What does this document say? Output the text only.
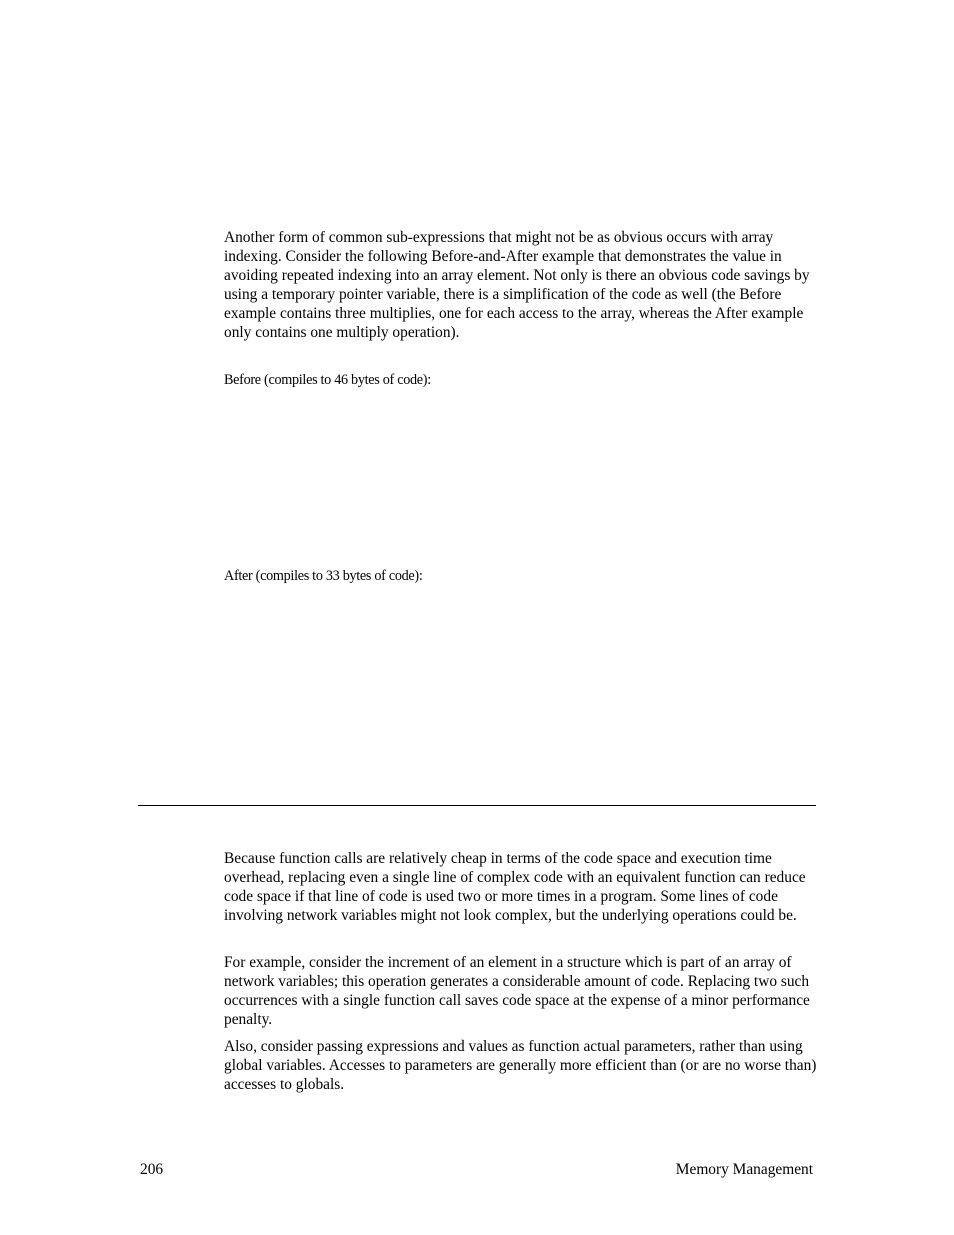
Another form of common sub-expressions that might not be as obvious occurs with array indexing. Consider the following Before-and-After example that demonstrates the value in avoiding repeated indexing into an array element. Not only is there an obvious code savings by using a temporary pointer variable, there is a simplification of the code as well (the Before example contains three multiplies, one for each access to the array, whereas the After example only contains one multiply operation).

Before (compiles to 46 bytes of code):

After (compiles to 33 bytes of code):

Because function calls are relatively cheap in terms of the code space and execution time overhead, replacing even a single line of complex code with an equivalent function can reduce code space if that line of code is used two or more times in a program. Some lines of code involving network variables might not look complex, but the underlying operations could be.

For example, consider the increment of an element in a structure which is part of an array of network variables; this operation generates a considerable amount of code. Replacing two such occurrences with a single function call saves code space at the expense of a minor performance penalty.

Also, consider passing expressions and values as function actual parameters, rather than using global variables. Accesses to parameters are generally more efficient than (or are no worse than) accesses to globals.

206	Memory Management
